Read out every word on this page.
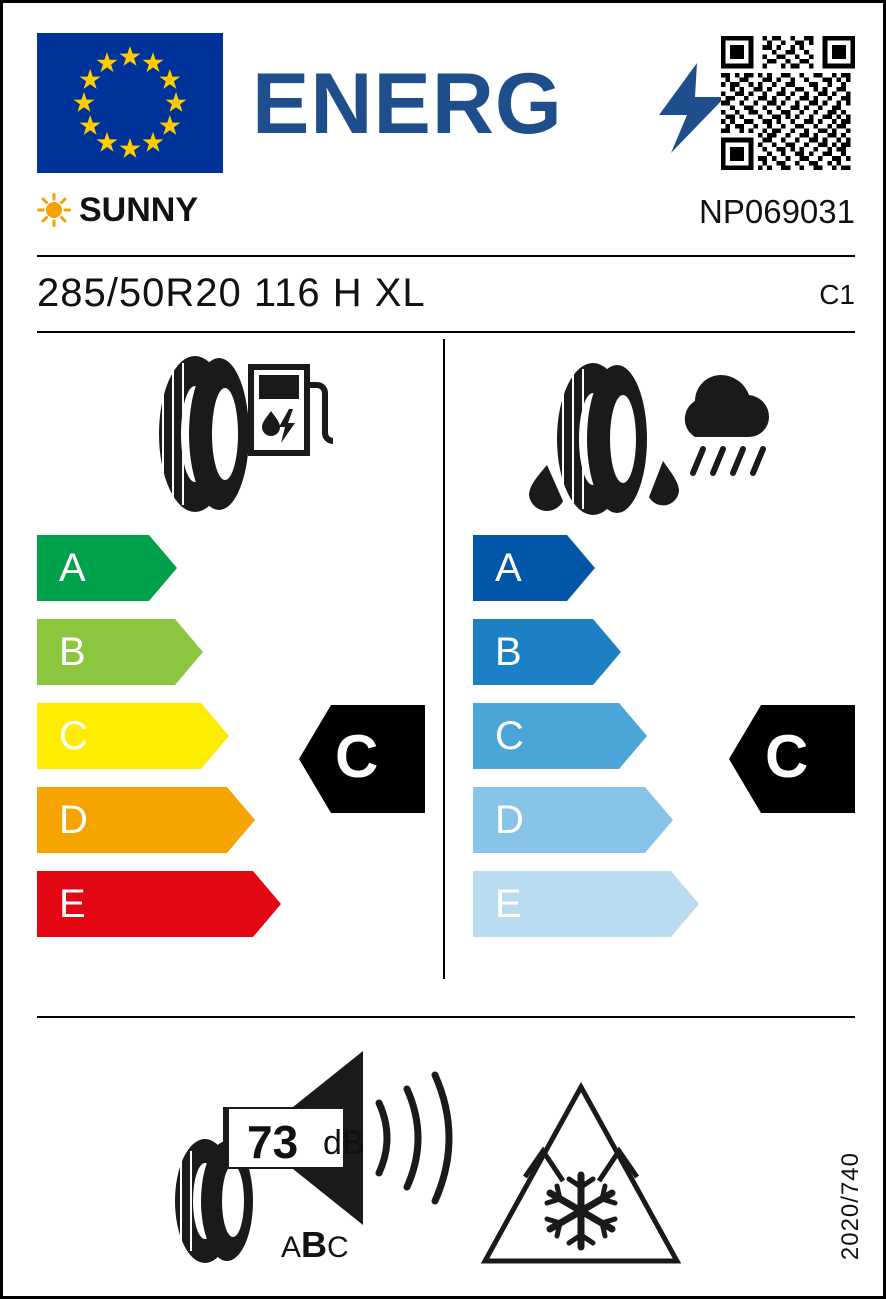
ENERG
SUNNY	NP069031
285/50R20 116 H XL	C1
A
B
C
D
E
C
A
B
C
D
E
C
73 dB
ABC	2020/740
